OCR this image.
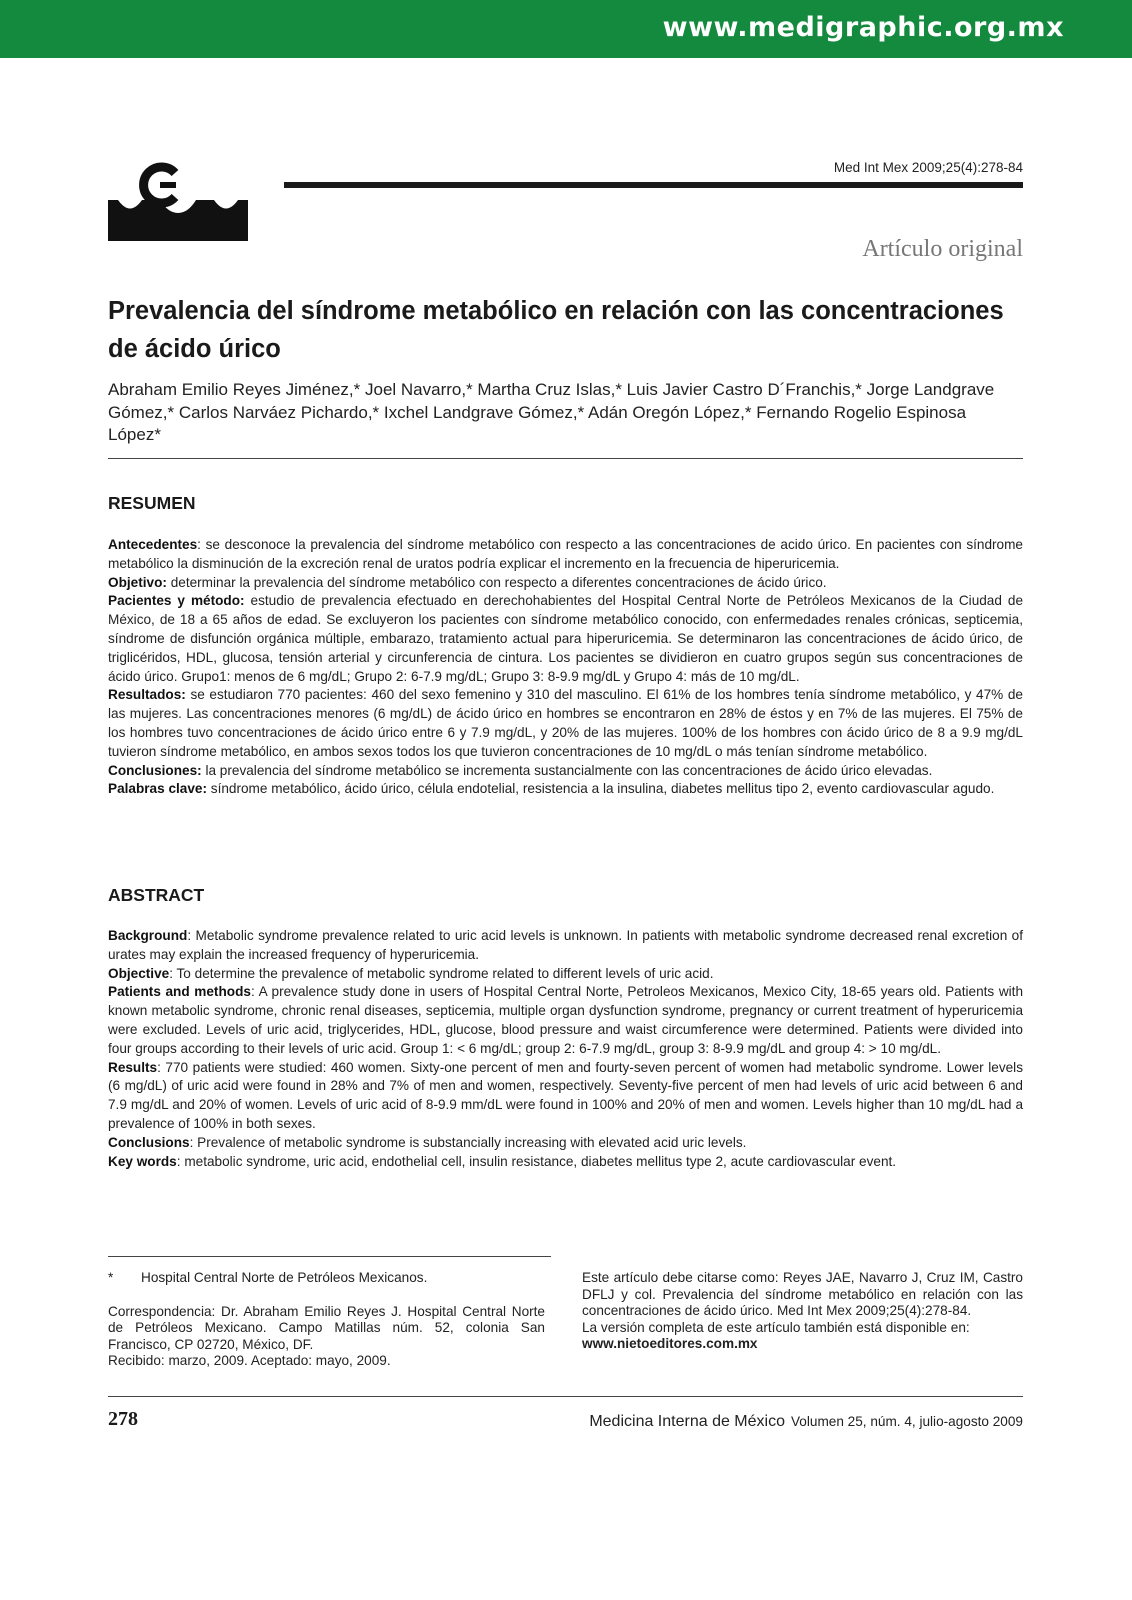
www.medigraphic.org.mx
Med Int Mex 2009;25(4):278-84
Artículo original
Prevalencia del síndrome metabólico en relación con las concentraciones de ácido úrico
Abraham Emilio Reyes Jiménez,* Joel Navarro,* Martha Cruz Islas,* Luis Javier Castro D´Franchis,* Jorge Landgrave Gómez,* Carlos Narváez Pichardo,* Ixchel Landgrave Gómez,* Adán Oregón López,* Fernando Rogelio Espinosa López*
RESUMEN

Antecedentes: se desconoce la prevalencia del síndrome metabólico con respecto a las concentraciones de acido úrico. En pacientes con síndrome metabólico la disminución de la excreción renal de uratos podría explicar el incremento en la frecuencia de hiperuricemia.

Objetivo: determinar la prevalencia del síndrome metabólico con respecto a diferentes concentraciones de ácido úrico.

Pacientes y método: estudio de prevalencia efectuado en derechohabientes del Hospital Central Norte de Petróleos Mexicanos de la Ciudad de México, de 18 a 65 años de edad. Se excluyeron los pacientes con síndrome metabólico conocido, con enfermedades renales crónicas, septicemia, síndrome de disfunción orgánica múltiple, embarazo, tratamiento actual para hiperuricemia. Se determinaron las concentraciones de ácido úrico, de triglicéridos, HDL, glucosa, tensión arterial y circunferencia de cintura. Los pacientes se dividieron en cuatro grupos según sus concentraciones de ácido úrico. Grupo1: menos de 6 mg/dL; Grupo 2: 6-7.9 mg/dL; Grupo 3: 8-9.9 mg/dL y Grupo 4: más de 10 mg/dL.

Resultados: se estudiaron 770 pacientes: 460 del sexo femenino y 310 del masculino. El 61% de los hombres tenía síndrome metabólico, y 47% de las mujeres. Las concentraciones menores (6 mg/dL) de ácido úrico en hombres se encontraron en 28% de éstos y en 7% de las mujeres. El 75% de los hombres tuvo concentraciones de ácido úrico entre 6 y 7.9 mg/dL, y 20% de las mujeres. 100% de los hombres con ácido úrico de 8 a 9.9 mg/dL tuvieron síndrome metabólico, en ambos sexos todos los que tuvieron concentraciones de 10 mg/dL o más tenían síndrome metabólico.

Conclusiones: la prevalencia del síndrome metabólico se incrementa sustancialmente con las concentraciones de ácido úrico elevadas.

Palabras clave: síndrome metabólico, ácido úrico, célula endotelial, resistencia a la insulina, diabetes mellitus tipo 2, evento cardiovascular agudo.

ABSTRACT

Background: Metabolic syndrome prevalence related to uric acid levels is unknown. In patients with metabolic syndrome decreased renal excretion of urates may explain the increased frequency of hyperuricemia.

Objective: To determine the prevalence of metabolic syndrome related to different levels of uric acid.

Patients and methods: A prevalence study done in users of Hospital Central Norte, Petroleos Mexicanos, Mexico City, 18-65 years old. Patients with known metabolic syndrome, chronic renal diseases, septicemia, multiple organ dysfunction syndrome, pregnancy or current treatment of hyperuricemia were excluded. Levels of uric acid, triglycerides, HDL, glucose, blood pressure and waist circumference were determined. Patients were divided into four groups according to their levels of uric acid. Group 1: < 6 mg/dL; group 2: 6-7.9 mg/dL, group 3: 8-9.9 mg/dL and group 4: > 10 mg/dL.

Results: 770 patients were studied: 460 women. Sixty-one percent of men and fourty-seven percent of women had metabolic syndrome. Lower levels (6 mg/dL) of uric acid were found in 28% and 7% of men and women, respectively. Seventy-five percent of men had levels of uric acid between 6 and 7.9 mg/dL and 20% of women. Levels of uric acid of 8-9.9 mm/dL were found in 100% and 20% of men and women. Levels higher than 10 mg/dL had a prevalence of 100% in both sexes.

Conclusions: Prevalence of metabolic syndrome is substancially increasing with elevated acid uric levels.

Key words: metabolic syndrome, uric acid, endothelial cell, insulin resistance, diabetes mellitus type 2, acute cardiovascular event.

* Hospital Central Norte de Petróleos Mexicanos.

Correspondencia: Dr. Abraham Emilio Reyes J. Hospital Central Norte de Petróleos Mexicano. Campo Matillas núm. 52, colonia San Francisco, CP 02720, México, DF.

Recibido: marzo, 2009. Aceptado: mayo, 2009.

Este artículo debe citarse como: Reyes JAE, Navarro J, Cruz IM, Castro DFLJ y col. Prevalencia del síndrome metabólico en relación con las concentraciones de ácido úrico. Med Int Mex 2009;25(4):278-84.

La versión completa de este artículo también está disponible en:

www.nietoeditores.com.mx

278	Medicina Interna de México Volumen 25, núm. 4, julio-agosto 2009
